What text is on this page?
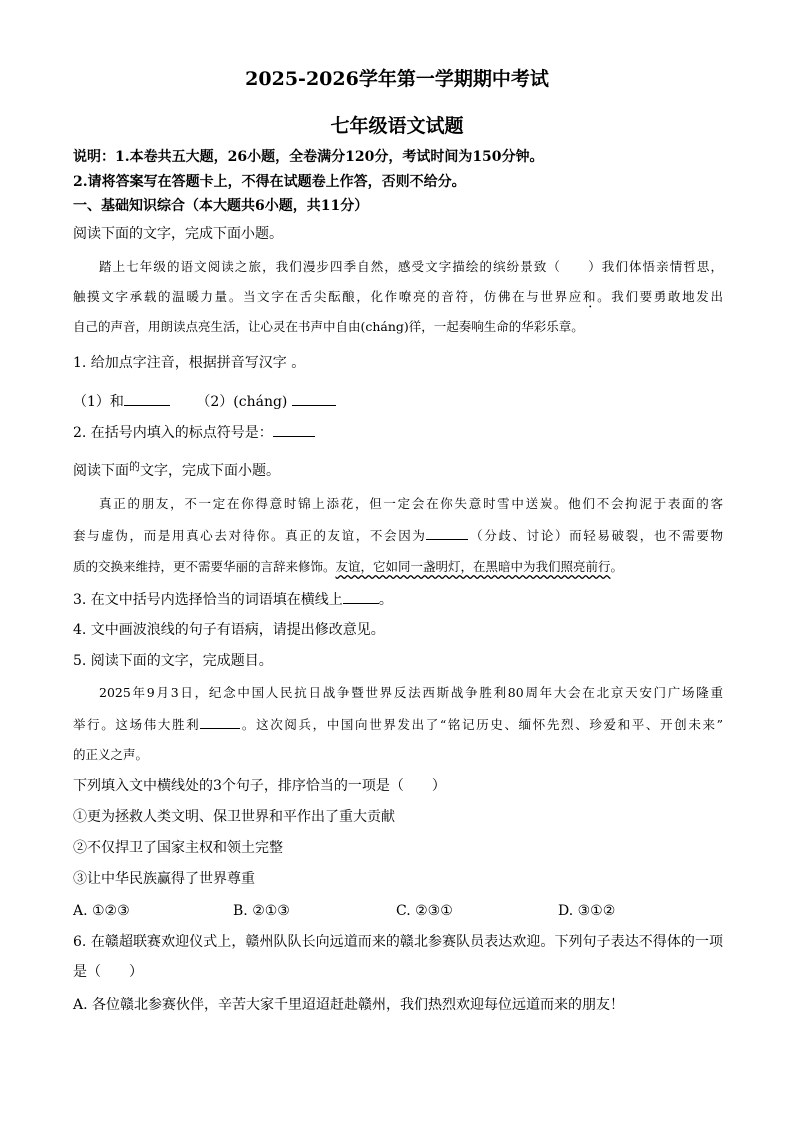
2025-2026学年第一学期期中考试
七年级语文试题
说明：1.本卷共五大题，26小题，全卷满分120分，考试时间为150分钟。
2.请将答案写在答题卡上，不得在试题卷上作答，否则不给分。
一、基础知识综合（本大题共6小题，共11分）
阅读下面的文字，完成下面小题。
踏上七年级的语文阅读之旅，我们漫步四季自然，感受文字描绘的缤纷景致（　　）我们体悟亲情哲思，
触摸文字承载的温暖力量。当文字在舌尖酝酿，化作嘹亮的音符，仿佛在与世界应和。我们要勇敢地发出
自己的声音，用朗读点亮生活，让心灵在书声中自由(cháng)徉，一起奏响生命的华彩乐章。
1. 给加点字注音，根据拼音写汉字 。
（1）和	（2）(cháng)
2. 在括号内填入的标点符号是：
阅读下面$^的$文字，完成下面小题。
真正的朋友，不一定在你得意时锦上添花，但一定会在你失意时雪中送炭。他们不会拘泥于表面的客
套与虚伪，而是用真心去对待你。真正的友谊，不会因为	（分歧、讨论）而轻易破裂，也不需要物
质的交换来维持，更不需要华丽的言辞来修饰。友谊，它如同一盏明灯，在黑暗中为我们照亮前行。
3. 在文中括号内选择恰当的词语填在横线上	。
4. 文中画波浪线的句子有语病，请提出修改意见。
5. 阅读下面的文字，完成题目。
2025年9月3日，纪念中国人民抗日战争暨世界反法西斯战争胜利80周年大会在北京天安门广场隆重
举行。这场伟大胜利	。这次阅兵，中国向世界发出了“铭记历史、缅怀先烈、珍爱和平、开创未来”
的正义之声。
下列填入文中横线处的3个句子，排序恰当的一项是（　　）
①更为拯救人类文明、保卫世界和平作出了重大贡献
②不仅捍卫了国家主权和领土完整
③让中华民族赢得了世界尊重
A. ①②③	B. ②①③	C. ②③①	D. ③①②
6. 在赣超联赛欢迎仪式上，赣州队队长向远道而来的赣北参赛队员表达欢迎。下列句子表达不得体的一项
是（　　）
A. 各位赣北参赛伙伴，辛苦大家千里迢迢赶赴赣州，我们热烈欢迎每位远道而来的朋友！
